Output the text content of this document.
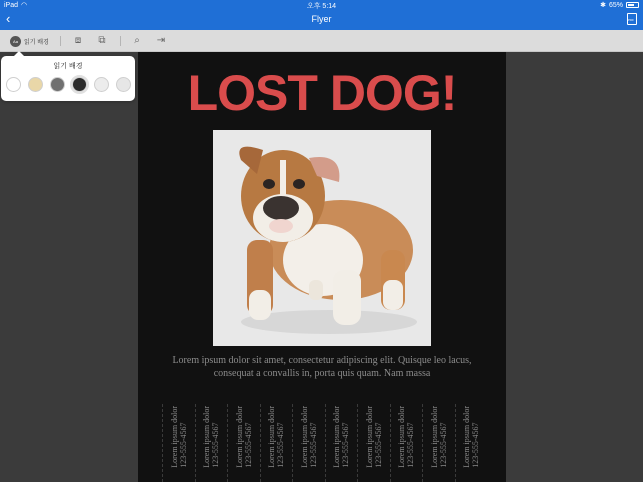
iPad ◠	오후 5:14	✱ 65%
‹	Flyer
PDF
Aa	읽기 배경	⧈ ⧉	⌕	⇥
읽기 배경	LOST DOG!
Lorem ipsum dolor sit amet, consectetur adipiscing elit. Quisque leo lacus, consequat a convallis in, porta quis quam. Nam massa
Lorem ipsum dolor
123-555-4567 Lorem ipsum dolor
123-555-4567 Lorem ipsum dolor
123-555-4567 Lorem ipsum dolor
123-555-4567 Lorem ipsum dolor
123-555-4567 Lorem ipsum dolor
123-555-4567 Lorem ipsum dolor
123-555-4567 Lorem ipsum dolor
123-555-4567 Lorem ipsum dolor
123-555-4567 Lorem ipsum dolor
123-555-4567
